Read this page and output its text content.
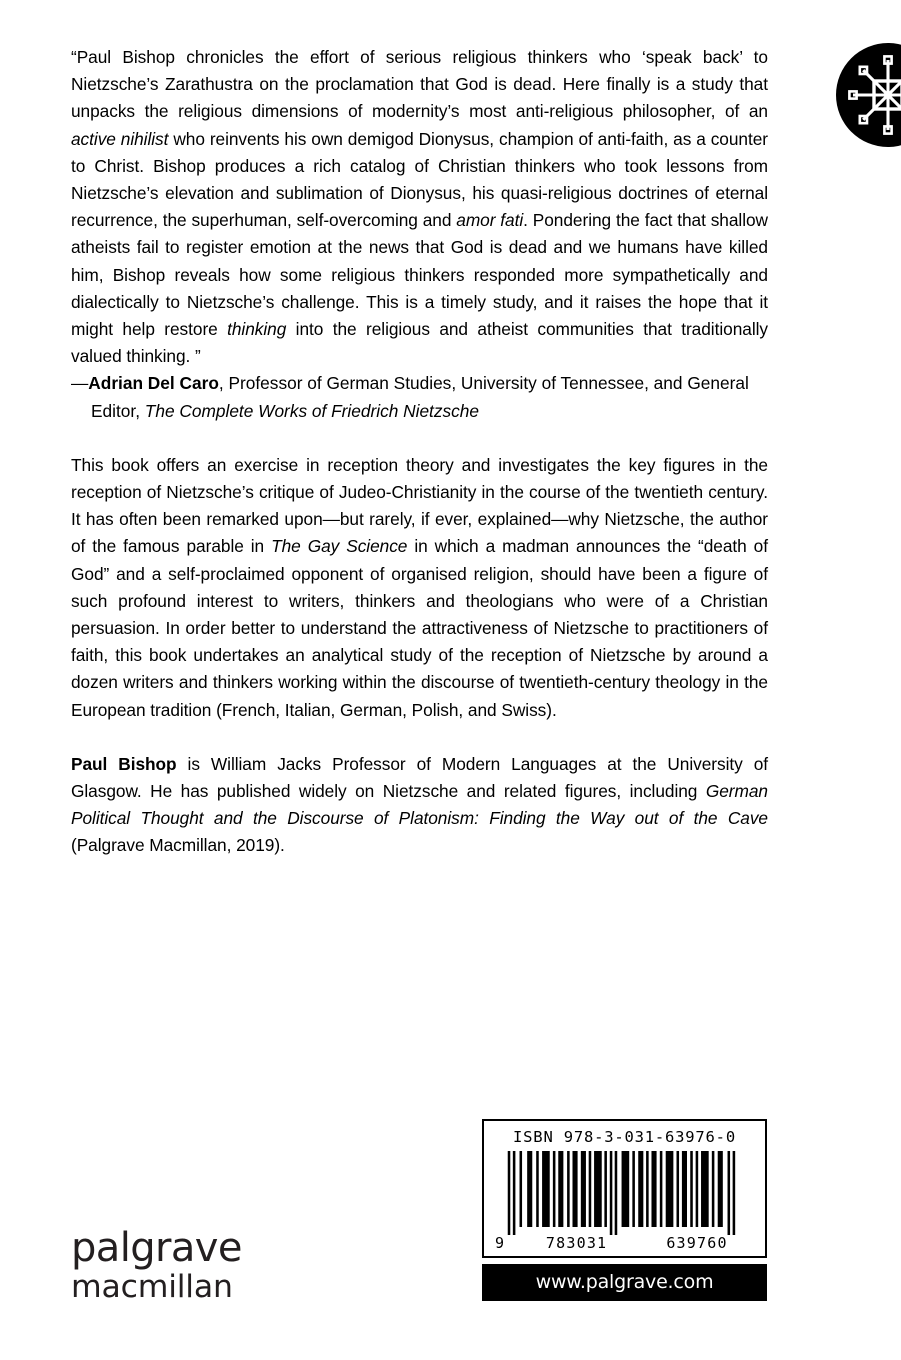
“Paul Bishop chronicles the effort of serious religious thinkers who ‘speak back’ to Nietzsche’s Zarathustra on the proclamation that God is dead. Here finally is a study that unpacks the religious dimensions of modernity’s most anti-religious philosopher, of an active nihilist who reinvents his own demigod Dionysus, champion of anti-faith, as a counter to Christ. Bishop produces a rich catalog of Christian thinkers who took lessons from Nietzsche’s elevation and sublimation of Dionysus, his quasi-religious doctrines of eternal recurrence, the superhuman, self-overcoming and amor fati. Pondering the fact that shallow atheists fail to register emotion at the news that God is dead and we humans have killed him, Bishop reveals how some religious thinkers responded more sympathetically and dialectically to Nietzsche’s challenge. This is a timely study, and it raises the hope that it might help restore thinking into the religious and atheist communities that traditionally valued thinking. ”

—Adrian Del Caro, Professor of German Studies, University of Tennessee, and General Editor, The Complete Works of Friedrich Nietzsche

This book offers an exercise in reception theory and investigates the key figures in the reception of Nietzsche’s critique of Judeo-Christianity in the course of the twentieth century. It has often been remarked upon—but rarely, if ever, explained—why Nietzsche, the author of the famous parable in The Gay Science in which a madman announces the “death of God” and a self-proclaimed opponent of organised religion, should have been a figure of such profound interest to writers, thinkers and theologians who were of a Christian persuasion. In order better to understand the attractiveness of Nietzsche to practitioners of faith, this book undertakes an analytical study of the reception of Nietzsche by around a dozen writers and thinkers working within the discourse of twentieth-century theology in the European tradition (French, Italian, German, Polish, and Swiss).

Paul Bishop is William Jacks Professor of Modern Languages at the University of Glasgow. He has published widely on Nietzsche and related figures, including German Political Thought and the Discourse of Platonism: Finding the Way out of the Cave (Palgrave Macmillan, 2019).

palgrave
macmillan
ISBN 978-3-031-63976-0
9	783031	639760
www.palgrave.com
